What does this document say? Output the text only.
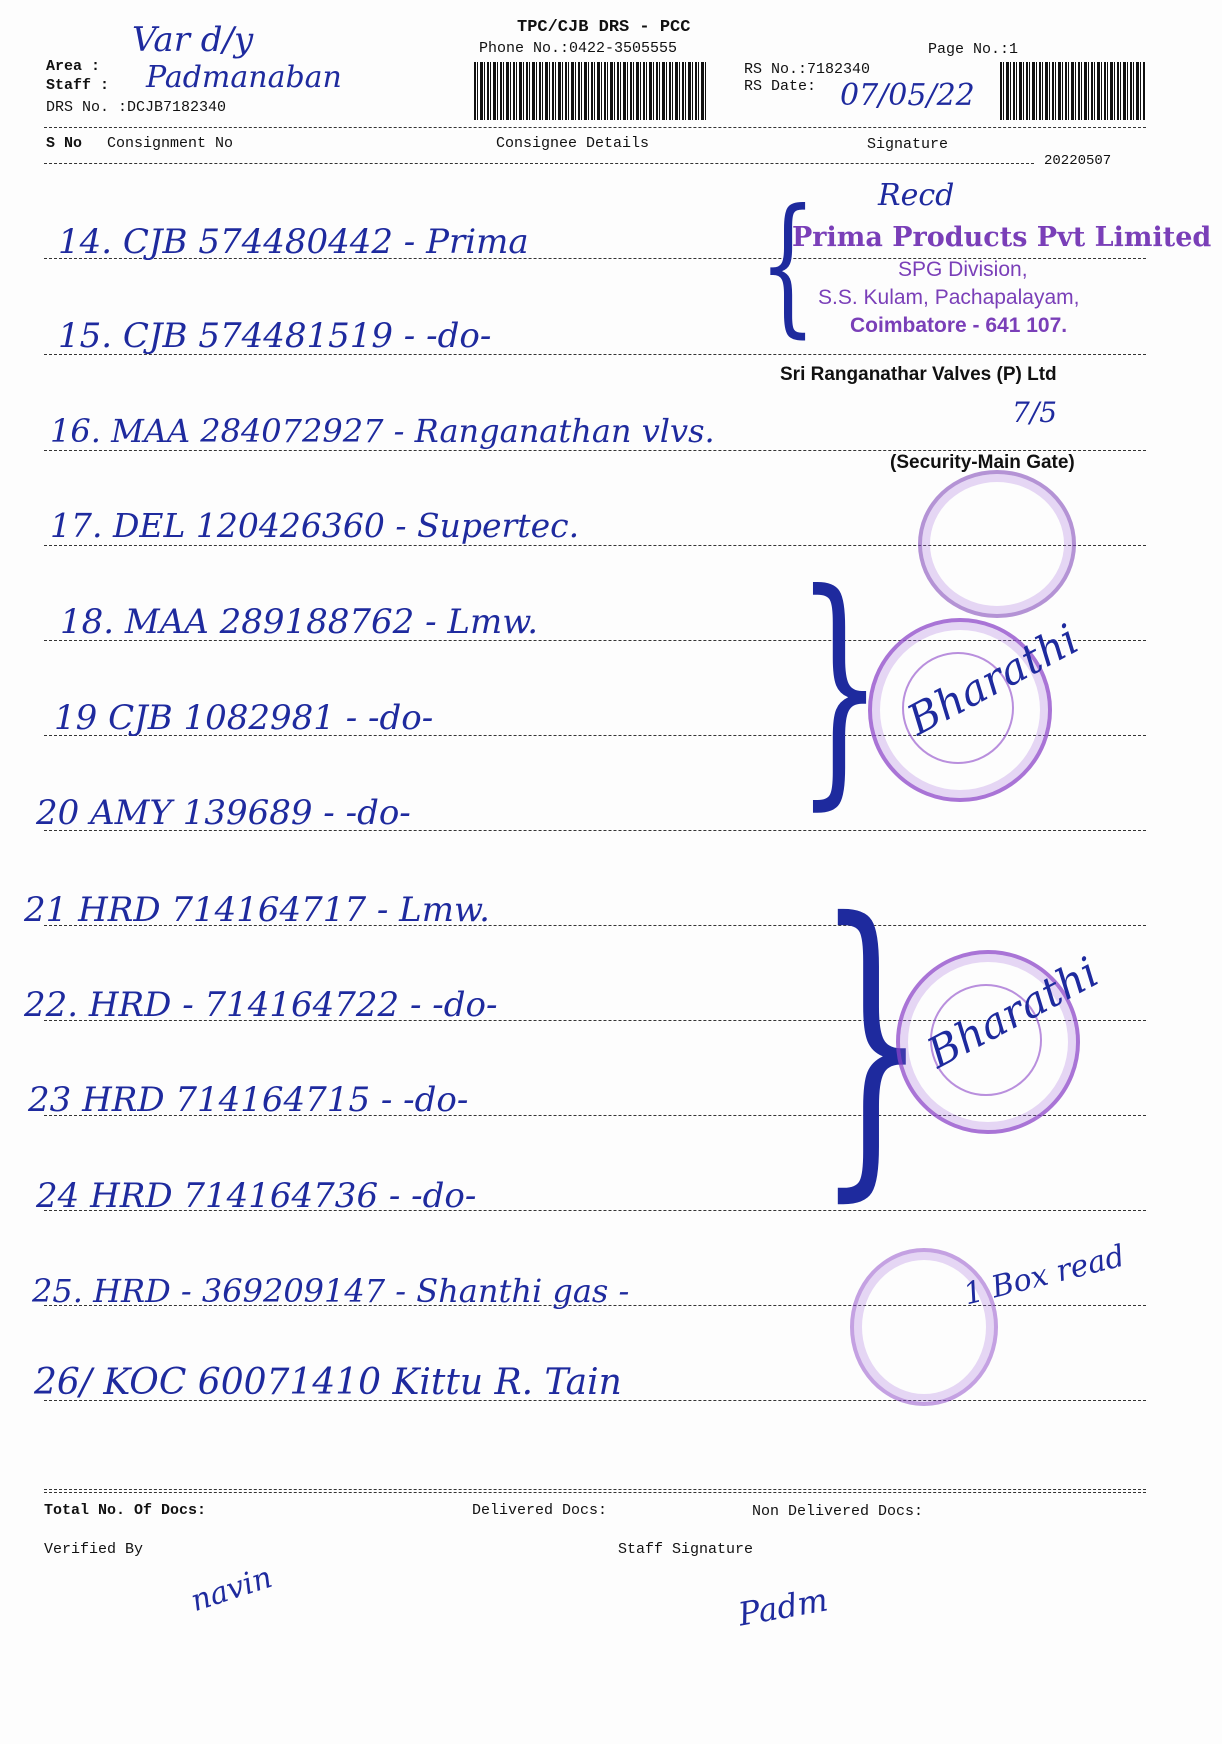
TPC/CJB DRS - PCC
Phone No.:0422-3505555	Page No.:1
Area :
Var d/y
Staff : Padmanaban
DRS No. :DCJB7182340
RS No.:7182340
RS Date: 07/05/22
S No Consignment No	Consignee Details	Signature
20220507
14. CJB 574480442 - Prima
15. CJB 574481519 - -do-
16. MAA 284072927 - Ranganathan vlvs.
17. DEL 120426360 - Supertec.
18. MAA 289188762 - Lmw.
19 CJB 1082981 - -do-
20 AMY 139689 - -do-
21 HRD 714164717 - Lmw.
22. HRD - 714164722 - -do-
23 HRD 714164715 - -do-
24 HRD 714164736 - -do-
25. HRD - 369209147 - Shanthi gas -
26/ KOC 60071410 Kittu R. Tain
{
}
}
Recd
Prima Products Pvt Limited
SPG Division,
S.S. Kulam, Pachapalayam,
Coimbatore - 641 107.
Sri Ranganathar Valves (P) Ltd
7/5
(Security-Main Gate)
Bharathi
Bharathi
1 Box read
Total No. Of Docs:	Delivered Docs:	Non Delivered Docs:
Verified By	Staff Signature
navin	Padm
